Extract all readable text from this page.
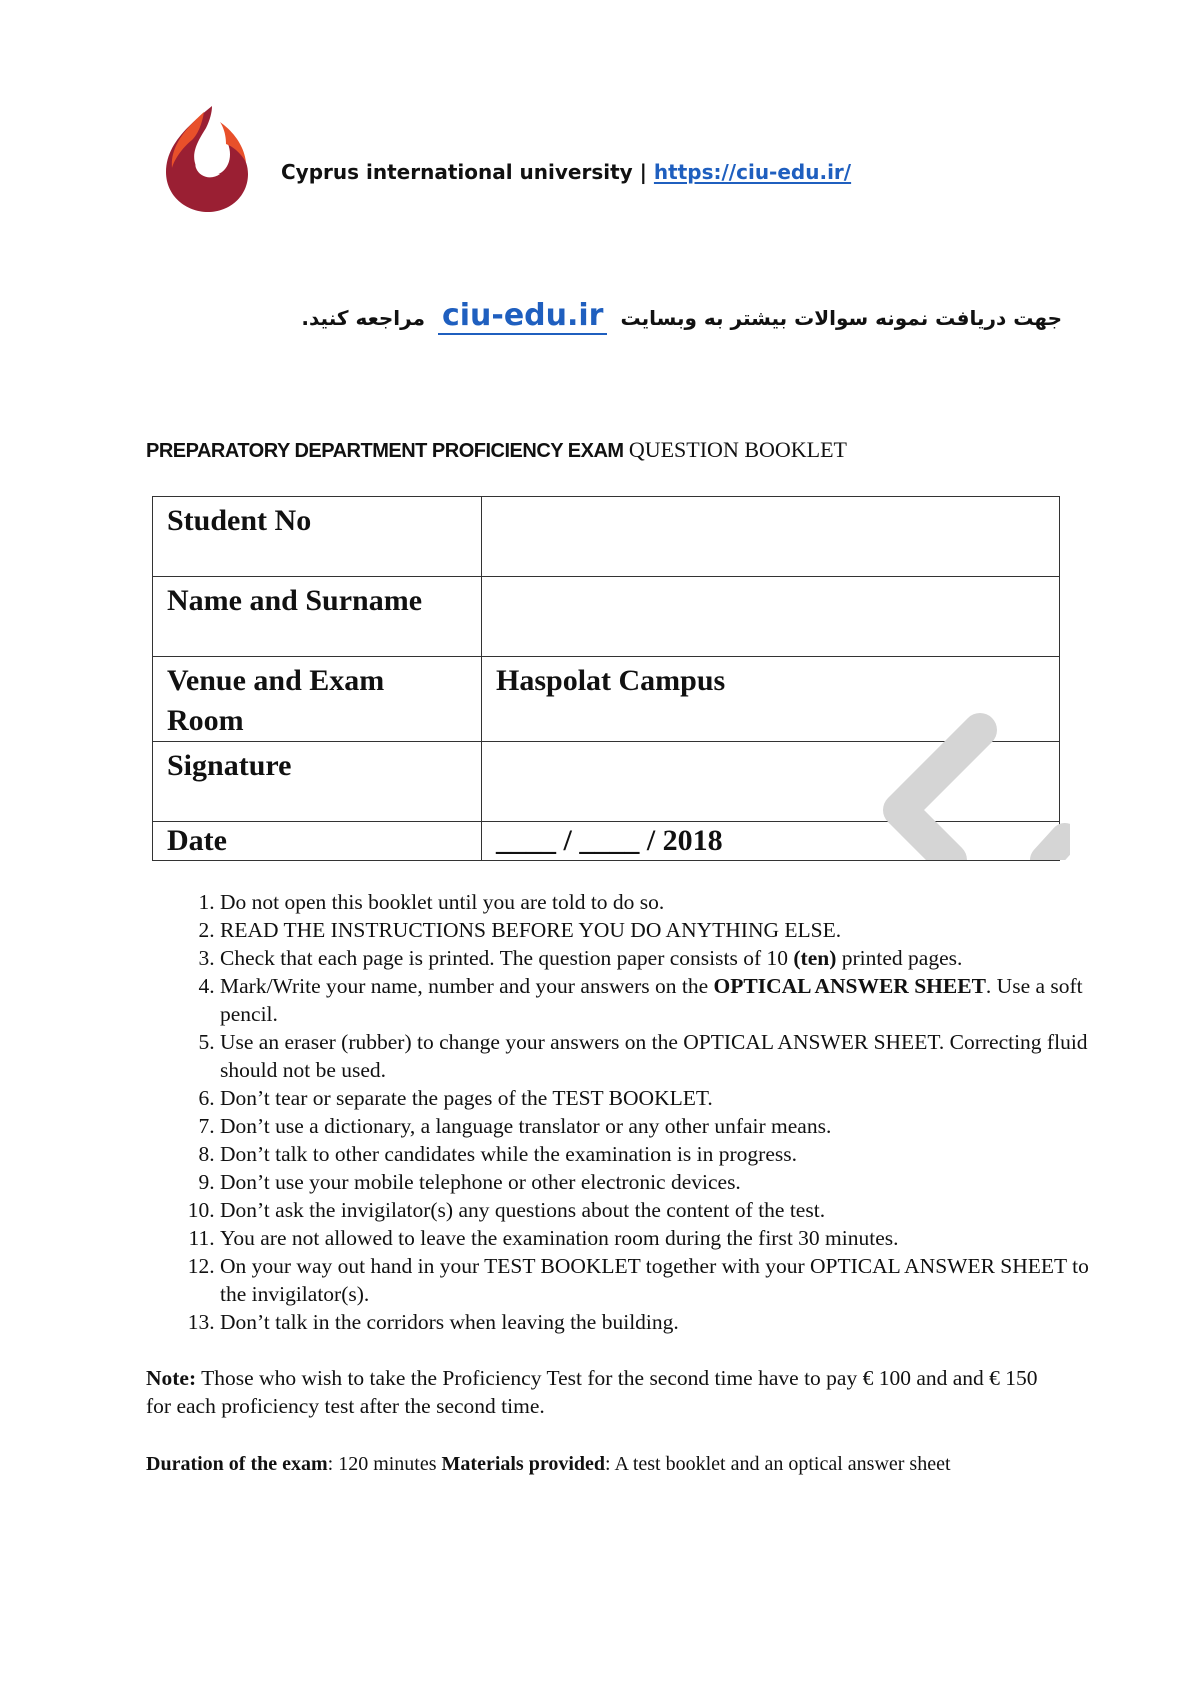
Cyprus international university | https://ciu-edu.ir/
جهت دریافت نمونه سوالات بیشتر به وبسایت ciu-edu.ir مراجعه کنید.
PREPARATORY DEPARTMENT PROFICIENCY EXAM QUESTION BOOKLET
Student No	
Name and Surname	
Venue and Exam Room	Haspolat Campus
Signature	
Date	____ / ____ / 2018
1. Do not open this booklet until you are told to do so.
2. READ THE INSTRUCTIONS BEFORE YOU DO ANYTHING ELSE.
3. Check that each page is printed. The question paper consists of 10 (ten) printed pages.
4. Mark/Write your name, number and your answers on the OPTICAL ANSWER SHEET. Use a soft pencil.
5. Use an eraser (rubber) to change your answers on the OPTICAL ANSWER SHEET. Correcting fluid should not be used.
6. Don’t tear or separate the pages of the TEST BOOKLET.
7. Don’t use a dictionary, a language translator or any other unfair means.
8. Don’t talk to other candidates while the examination is in progress.
9. Don’t use your mobile telephone or other electronic devices.
10. Don’t ask the invigilator(s) any questions about the content of the test.
11. You are not allowed to leave the examination room during the first 30 minutes.
12. On your way out hand in your TEST BOOKLET together with your OPTICAL ANSWER SHEET to the invigilator(s).
13. Don’t talk in the corridors when leaving the building.
Note: Those who wish to take the Proficiency Test for the second time have to pay € 100 and and € 150 for each proficiency test after the second time.
Duration of the exam: 120 minutes Materials provided: A test booklet and an optical answer sheet
